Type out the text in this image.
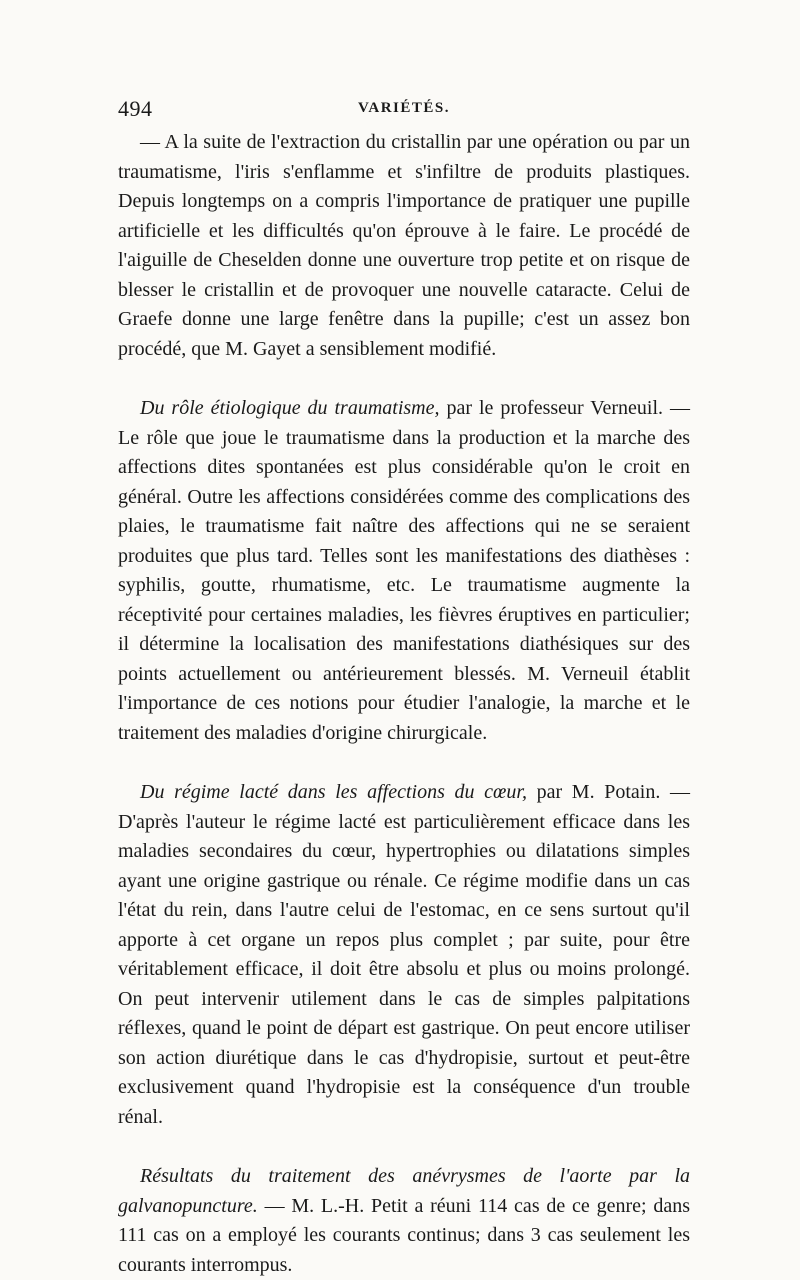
494	VARIÉTÉS.

— A la suite de l'extraction du cristallin par une opération ou par un traumatisme, l'iris s'enflamme et s'infiltre de produits plastiques. Depuis longtemps on a compris l'importance de pratiquer une pupille artificielle et les difficultés qu'on éprouve à le faire. Le procédé de l'aiguille de Cheselden donne une ouverture trop petite et on risque de blesser le cristallin et de provoquer une nouvelle cataracte. Celui de Graefe donne une large fenêtre dans la pupille; c'est un assez bon procédé, que M. Gayet a sensiblement modifié.

Du rôle étiologique du traumatisme, par le professeur Verneuil. — Le rôle que joue le traumatisme dans la production et la marche des affections dites spontanées est plus considérable qu'on le croit en général. Outre les affections considérées comme des complications des plaies, le traumatisme fait naître des affections qui ne se seraient produites que plus tard. Telles sont les manifestations des diathèses : syphilis, goutte, rhumatisme, etc. Le traumatisme augmente la réceptivité pour certaines maladies, les fièvres éruptives en particulier; il détermine la localisation des manifestations diathésiques sur des points actuellement ou antérieurement blessés. M. Verneuil établit l'importance de ces notions pour étudier l'analogie, la marche et le traitement des maladies d'origine chirurgicale.

Du régime lacté dans les affections du cœur, par M. Potain. — D'après l'auteur le régime lacté est particulièrement efficace dans les maladies secondaires du cœur, hypertrophies ou dilatations simples ayant une origine gastrique ou rénale. Ce régime modifie dans un cas l'état du rein, dans l'autre celui de l'estomac, en ce sens surtout qu'il apporte à cet organe un repos plus complet ; par suite, pour être véritablement efficace, il doit être absolu et plus ou moins prolongé. On peut intervenir utilement dans le cas de simples palpitations réflexes, quand le point de départ est gastrique. On peut encore utiliser son action diurétique dans le cas d'hydropisie, surtout et peut-être exclusivement quand l'hydropisie est la conséquence d'un trouble rénal.

Résultats du traitement des anévrysmes de l'aorte par la galvanopuncture. — M. L.-H. Petit a réuni 114 cas de ce genre; dans 111 cas on a employé les courants continus; dans 3 cas seulement les courants interrompus.
